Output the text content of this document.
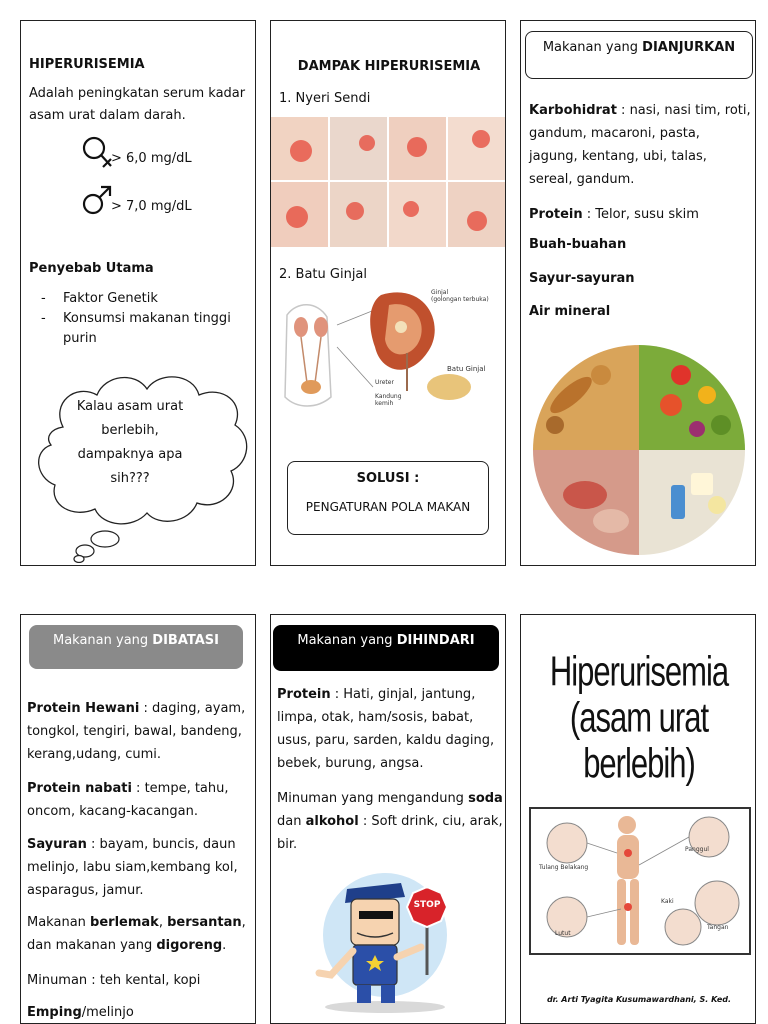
HIPERURISEMIA
Adalah peningkatan serum kadar asam urat dalam darah.
> 6,0 mg/dL
> 7,0 mg/dL
Penyebab Utama
- Faktor Genetik
- Konsumsi makanan tinggi purin
Kalau asam urat berlebih, dampaknya apa sih???
DAMPAK HIPERURISEMIA
1. Nyeri Sendi
2. Batu Ginjal
Ginjal
(golongan terbuka)
Batu Ginjal
Ureter
Kandung
kemih
SOLUSI :
PENGATURAN POLA MAKAN
Makanan yang DIANJURKAN
Karbohidrat : nasi, nasi tim, roti, gandum, macaroni, pasta, jagung, kentang, ubi, talas, sereal, gandum.
Protein : Telor, susu skim
Buah-buahan
Sayur-sayuran
Air mineral
Makanan yang DIBATASI
Protein Hewani : daging, ayam, tongkol, tengiri, bawal, bandeng, kerang,udang, cumi.
Protein nabati : tempe, tahu, oncom, kacang-kacangan.
Sayuran : bayam, buncis, daun melinjo, labu siam,kembang kol, asparagus, jamur.
Makanan berlemak, bersantan, dan makanan yang digoreng.
Minuman : teh kental, kopi
Emping/melinjo
Makanan yang DIHINDARI
Protein : Hati, ginjal, jantung, limpa, otak, ham/sosis, babat, usus, paru, sarden, kaldu daging, bebek, burung, angsa.
Minuman yang mengandung soda dan alkohol : Soft drink, ciu, arak, bir.
STOP
Hiperurisemia
(asam urat berlebih)
Tulang Belakang
Panggul
Kaki
Lutut
Tangan
dr. Arti Tyagita Kusumawardhani, S. Ked.
